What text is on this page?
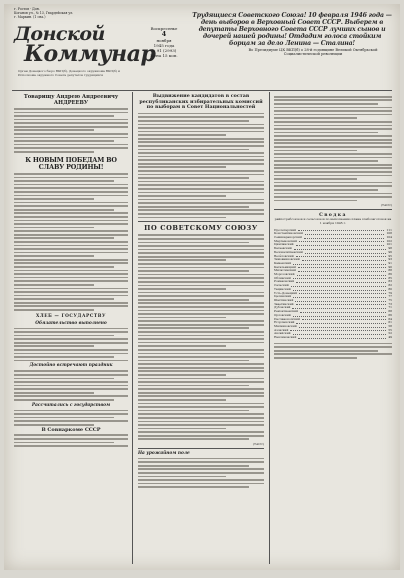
г. Ростов - Дон.
Коганов ул., № 13, Гвардейская ул.
г. Маркин. (1 сна.)
Донской
Коммунар
Орган Донецкого бюро ВКП(б), Донецкого окружкома ВКП(б) и Исполкома окружного Совета депутатов трудящихся
Воскресенье
4
ноября
1945 года
№ 91 (2993)
Цена 15 коп.
Трудящиеся Советского Союза! 10 февраля 1946 года — день выборов в Верховный Совет СССР. Выберем в депутаты Верховного Совета СССР лучших сынов и дочерей нашей родины! Отдадим голоса стойким борцам за дело Ленина — Сталина!
Во Президиуме ЦК ВКП(б) о 28-й годовщине Великой Октябрьской Социалистической революции
Товарищу Андрею Андреевичу АНДРЕЕВУ
К НОВЫМ ПОБЕДАМ ВО СЛАВУ РОДИНЫ!
ХЛЕБ — ГОСУДАРСТВУ
Обязательство выполнено
Достойно встречают праздник
Рассчитались с государством
В Совнаркоме СССР
Выдвижение кандидатов в состав республиканских избирательных комиссий по выборам в Совет Национальностей
ПО СОВЕТСКОМУ СОЮЗУ
(ТАСС)
На урожайном поле
(ТАСС)
Сводка
райпотребсоюзов и сельсоюзов по выполнению плана хлебозаготовок на 1 ноября 1945 г.
Пролетарский	111
Константиновский	108
Семикаракорский	104
Мартыновский	102
Цимлянский	101
Багаевский	98
Белокалитвенский	96
Весёловский	95
Зимовниковский	93
Каменский	91
Кагальницкий	90
Милютинский	88
Морозовский	86
Обливский	85
Романовский	83
Сальский	82
Тацинский	80
Усть-Донецкий	79
Целинский	77
Шахтинский	75
Заветинский	73
Дубовский	71
Ремонтненский	68
Орловский	66
Песчанокопский	64
Егорлыкский	61
Мясниковский	58
Азовский	55
Аксайский	52
Неклиновский	49
